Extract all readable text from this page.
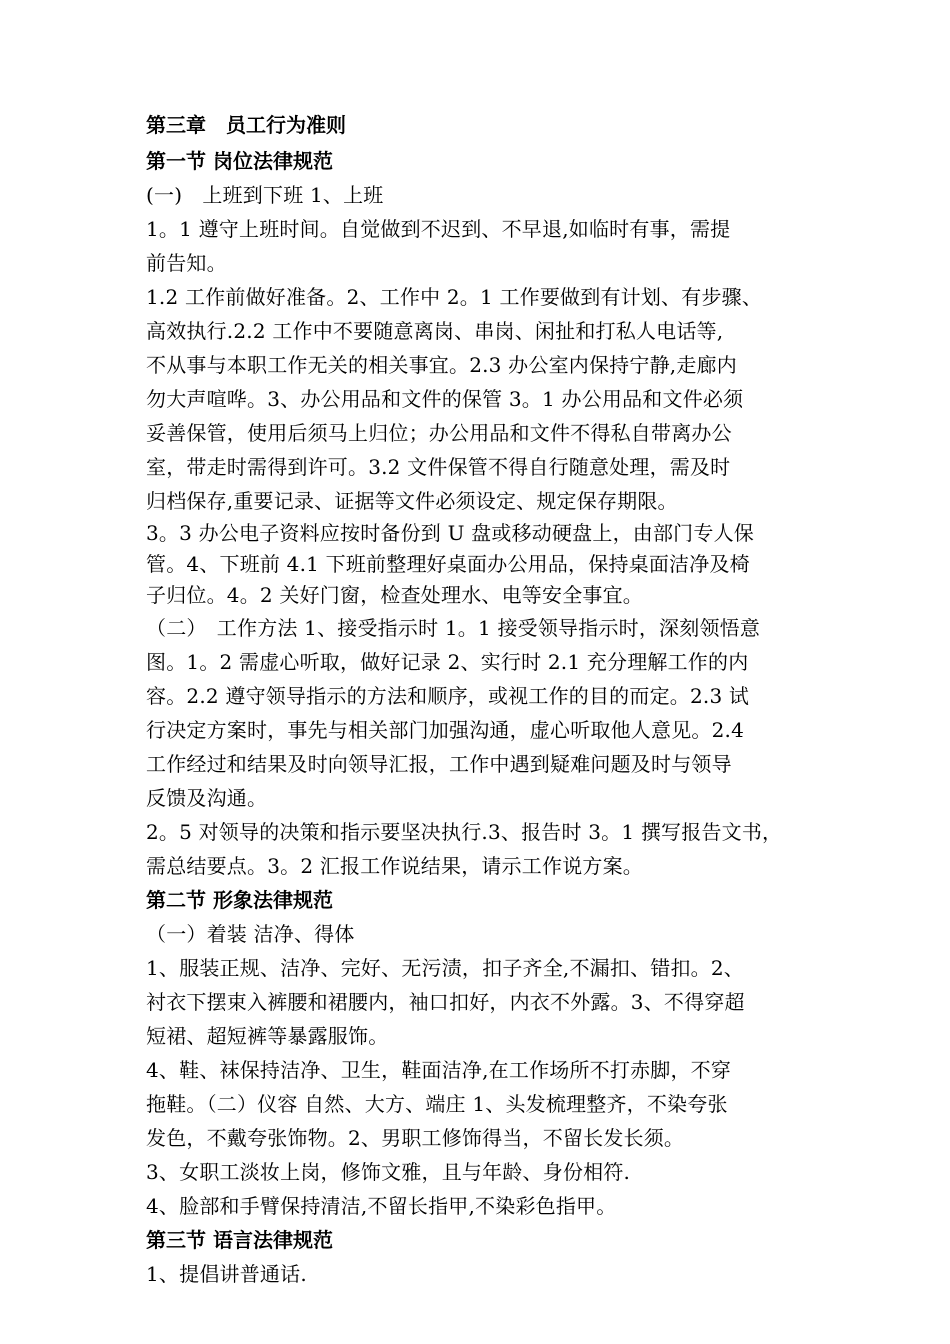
第三章　员工行为准则
第一节 岗位法律规范
(一)　上班到下班 1、上班
1。1 遵守上班时间。自觉做到不迟到、不早退,如临时有事，需提
前告知。
1.2 工作前做好准备。2、工作中 2。1 工作要做到有计划、有步骤、
高效执行.2.2 工作中不要随意离岗、串岗、闲扯和打私人电话等,
不从事与本职工作无关的相关事宜。2.3 办公室内保持宁静,走廊内
勿大声喧哗。3、办公用品和文件的保管 3。1 办公用品和文件必须
妥善保管，使用后须马上归位；办公用品和文件不得私自带离办公
室，带走时需得到许可。3.2 文件保管不得自行随意处理，需及时
归档保存,重要记录、证据等文件必须设定、规定保存期限。
3。3 办公电子资料应按时备份到 U 盘或移动硬盘上，由部门专人保
管。4、下班前 4.1 下班前整理好桌面办公用品，保持桌面洁净及椅
子归位。4。2 关好门窗，检查处理水、电等安全事宜。
（二）　工作方法 1、接受指示时 1。1 接受领导指示时，深刻领悟意
图。1。2 需虚心听取，做好记录 2、实行时 2.1 充分理解工作的内
容。2.2 遵守领导指示的方法和顺序，或视工作的目的而定。2.3 试
行决定方案时，事先与相关部门加强沟通，虚心听取他人意见。2.4
工作经过和结果及时向领导汇报，工作中遇到疑难问题及时与领导
反馈及沟通。
2。5 对领导的决策和指示要坚决执行.3、报告时 3。1 撰写报告文书，
需总结要点。3。2 汇报工作说结果，请示工作说方案。
第二节 形象法律规范
（一）着装 洁净、得体
1、服装正规、洁净、完好、无污渍，扣子齐全,不漏扣、错扣。2、
衬衣下摆束入裤腰和裙腰内，袖口扣好，内衣不外露。3、不得穿超
短裙、超短裤等暴露服饰。
4、鞋、袜保持洁净、卫生，鞋面洁净,在工作场所不打赤脚，不穿
拖鞋。（二）仪容 自然、大方、端庄 1、头发梳理整齐，不染夸张
发色，不戴夸张饰物。2、男职工修饰得当，不留长发长须。
3、女职工淡妆上岗，修饰文雅，且与年龄、身份相符.
4、脸部和手臂保持清洁,不留长指甲,不染彩色指甲。
第三节 语言法律规范
1、提倡讲普通话.
